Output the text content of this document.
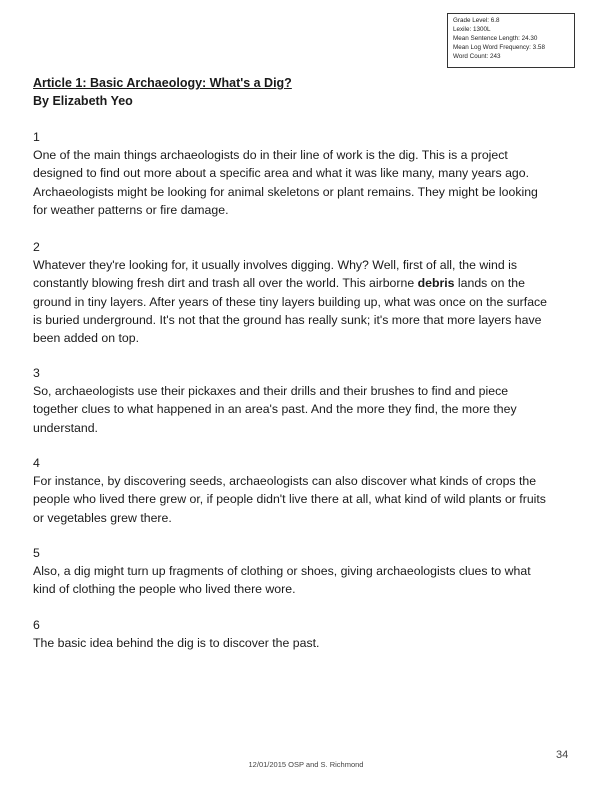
Grade Level: 6.8
Lexile: 1300L
Mean Sentence Length: 24.30
Mean Log Word Frequency: 3.58
Word Count: 243
Article 1: Basic Archaeology: What's a Dig?
By Elizabeth Yeo
1

One of the main things archaeologists do in their line of work is the dig. This is a project designed to find out more about a specific area and what it was like many, many years ago. Archaeologists might be looking for animal skeletons or plant remains. They might be looking for weather patterns or fire damage.

2

Whatever they're looking for, it usually involves digging. Why? Well, first of all, the wind is constantly blowing fresh dirt and trash all over the world. This airborne debris lands on the ground in tiny layers. After years of these tiny layers building up, what was once on the surface is buried underground. It's not that the ground has really sunk; it's more that more layers have been added on top.

3

So, archaeologists use their pickaxes and their drills and their brushes to find and piece together clues to what happened in an area's past. And the more they find, the more they understand.

4

For instance, by discovering seeds, archaeologists can also discover what kinds of crops the people who lived there grew or, if people didn't live there at all, what kind of wild plants or fruits or vegetables grew there.

5

Also, a dig might turn up fragments of clothing or shoes, giving archaeologists clues to what kind of clothing the people who lived there wore.

6

The basic idea behind the dig is to discover the past.

12/01/2015 OSP and S. Richmond
34
